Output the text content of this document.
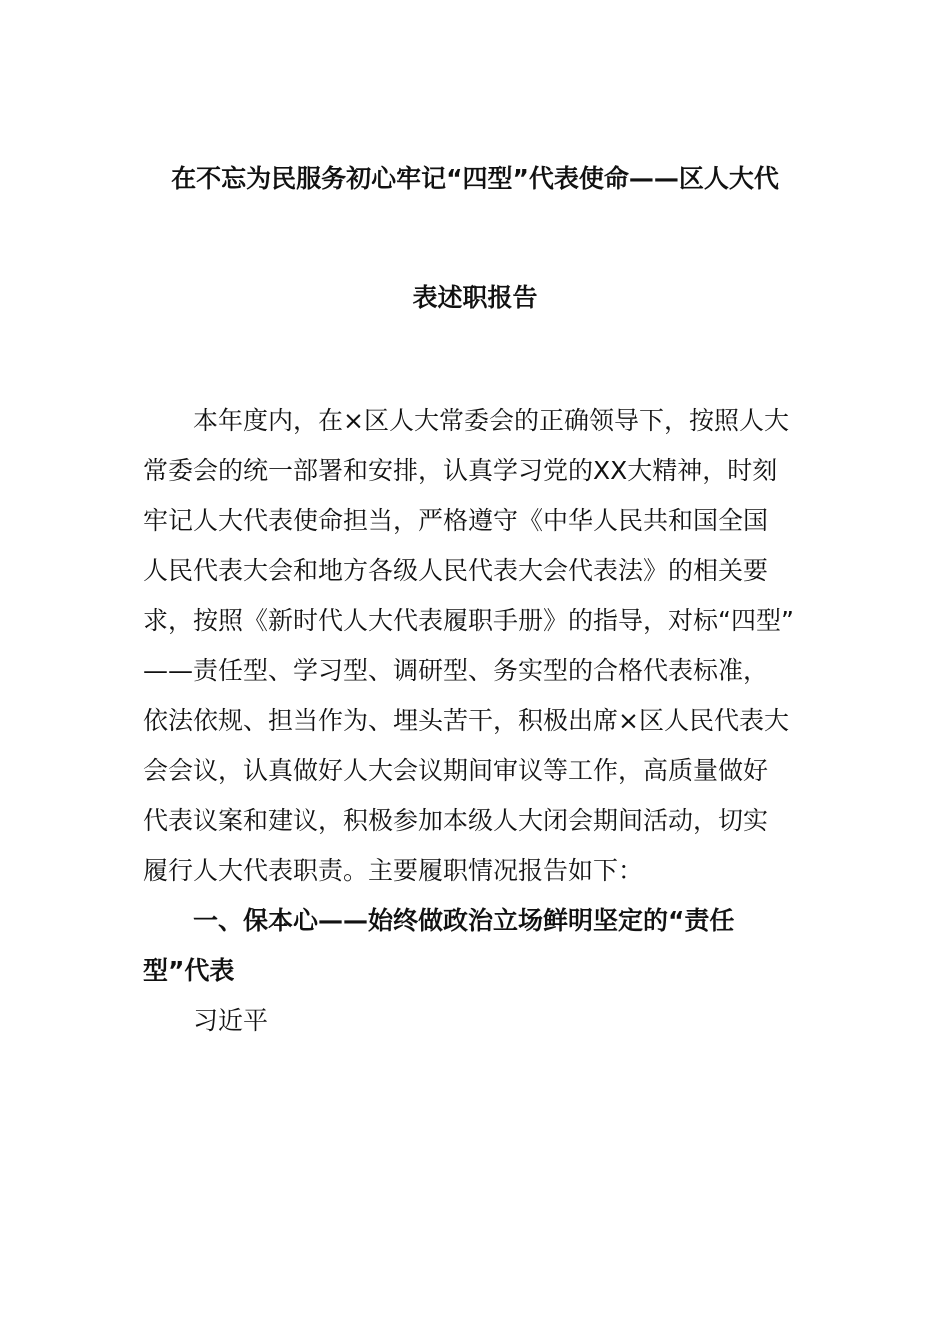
在不忘为民服务初心牢记“四型”代表使命——区人大代
表述职报告
本年度内，在×区人大常委会的正确领导下，按照人大
常委会的统一部署和安排，认真学习党的XX大精神，时刻
牢记人大代表使命担当，严格遵守《中华人民共和国全国
人民代表大会和地方各级人民代表大会代表法》的相关要
求，按照《新时代人大代表履职手册》的指导，对标“四型”
——责任型、学习型、调研型、务实型的合格代表标准，
依法依规、担当作为、埋头苦干，积极出席×区人民代表大
会会议，认真做好人大会议期间审议等工作，高质量做好
代表议案和建议，积极参加本级人大闭会期间活动，切实
履行人大代表职责。主要履职情况报告如下：
一、保本心——始终做政治立场鲜明坚定的“责任
型”代表
习近平
